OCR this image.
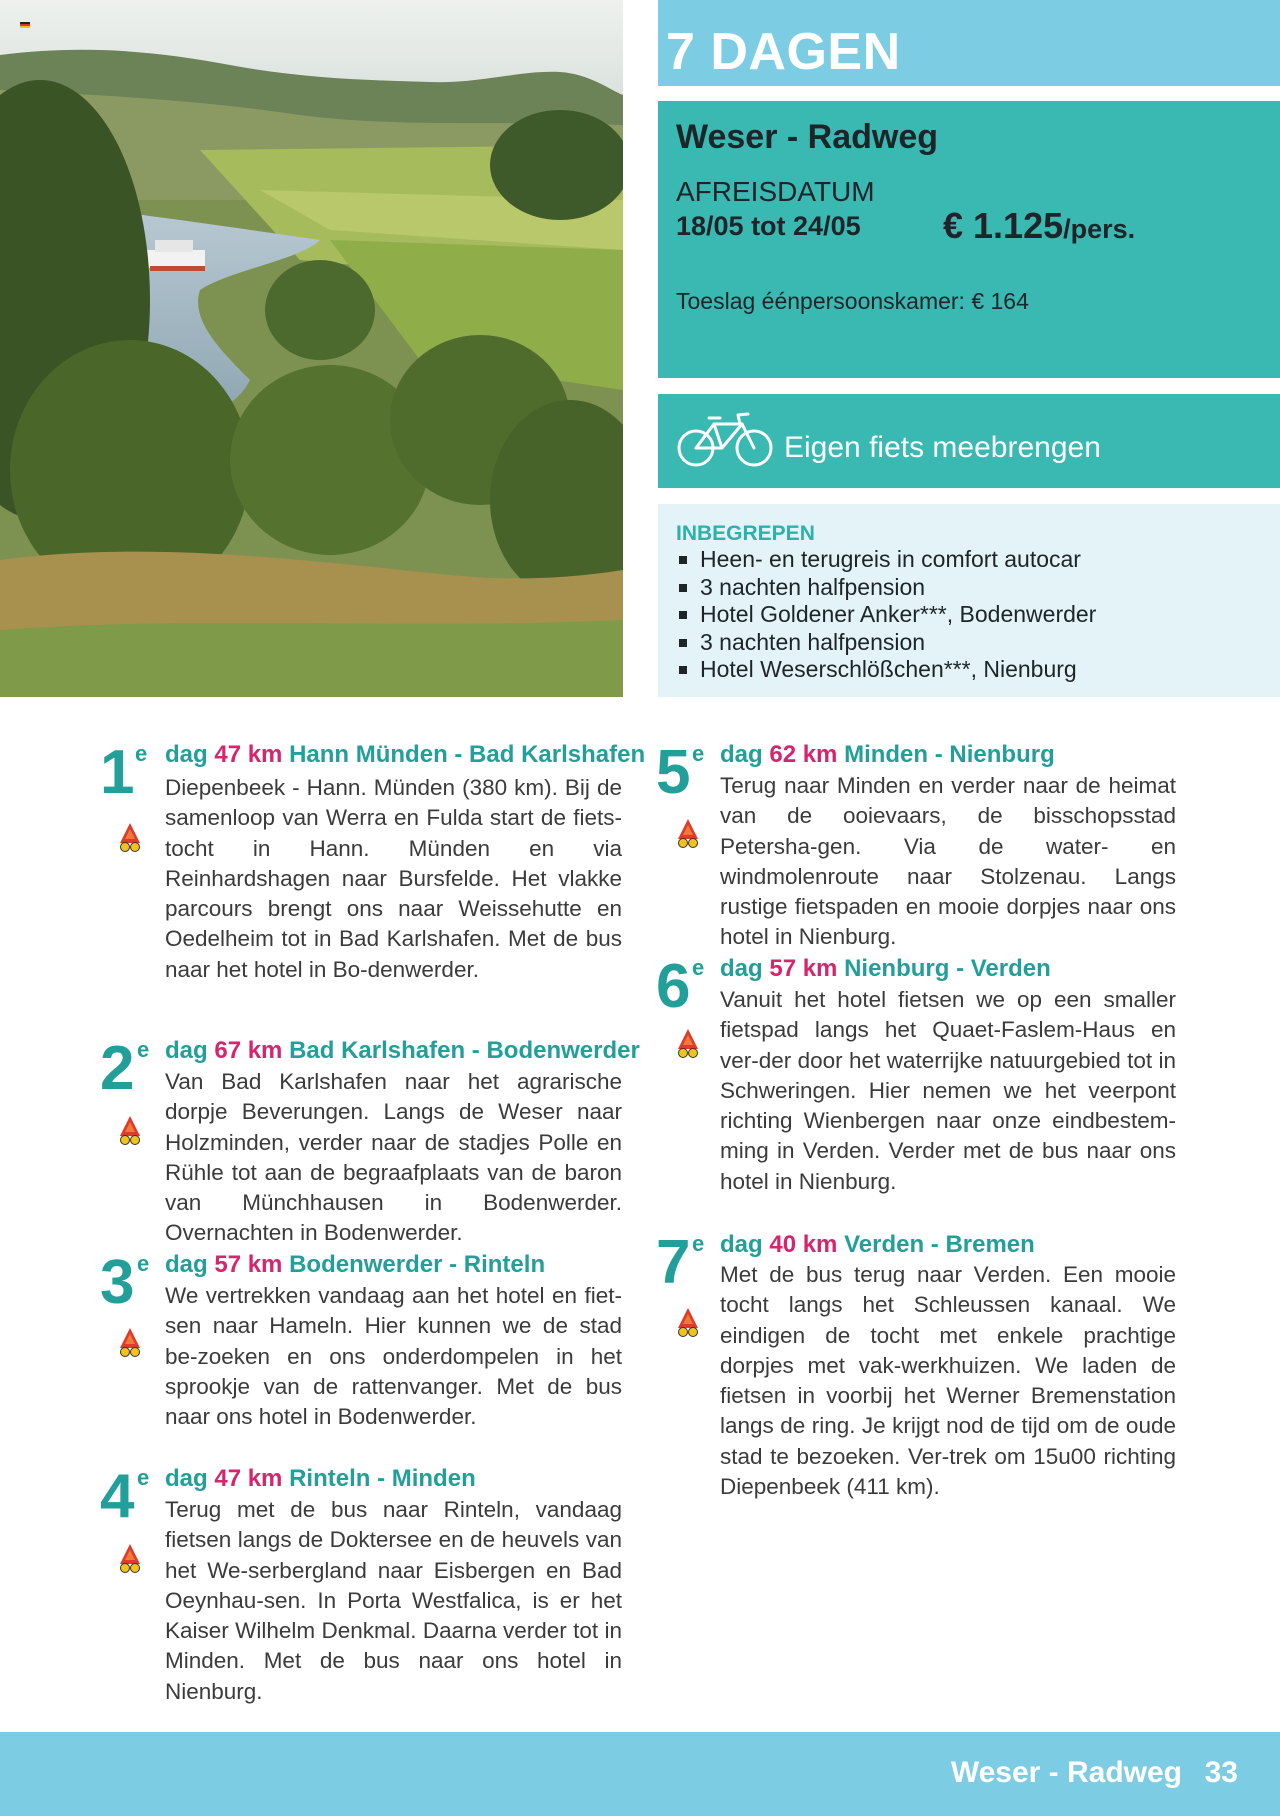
7 DAGEN
Weser - Radweg
AFREISDATUM
18/05 tot 24/05 € 1.125/pers.
Toeslag éénpersoonskamer: € 164
Eigen fiets meebrengen
INBEGREPEN
Heen- en terugreis in comfort autocar
3 nachten halfpension
Hotel Goldener Anker***, Bodenwerder
3 nachten halfpension
Hotel Weserschlößchen***, Nienburg
1 e dag 47 km Hann Münden - Bad Karlshafen
Diepenbeek - Hann. Münden (380 km). Bij de samenloop van Werra en Fulda start de fiets-tocht in Hann. Münden en via Reinhardshagen naar Bursfelde. Het vlakke parcours brengt ons naar Weissehutte en Oedelheim tot in Bad Karlshafen. Met de bus naar het hotel in Bo-denwerder.
2 e dag 67 km Bad Karlshafen - Bodenwerder
Van Bad Karlshafen naar het agrarische dorpje Beverungen. Langs de Weser naar Holzminden, verder naar de stadjes Polle en Rühle tot aan de begraafplaats van de baron van Münchhausen in Bodenwerder. Overnachten in Bodenwerder.
3 e dag 57 km Bodenwerder - Rinteln
We vertrekken vandaag aan het hotel en fiet-sen naar Hameln. Hier kunnen we de stad be-zoeken en ons onderdompelen in het sprookje van de rattenvanger. Met de bus naar ons hotel in Bodenwerder.
4 e dag 47 km Rinteln - Minden
Terug met de bus naar Rinteln, vandaag fietsen langs de Doktersee en de heuvels van het We-serbergland naar Eisbergen en Bad Oeynhau-sen. In Porta Westfalica, is er het Kaiser Wilhelm Denkmal. Daarna verder tot in Minden. Met de bus naar ons hotel in Nienburg.
5 e dag 62 km Minden - Nienburg
Terug naar Minden en verder naar de heimat van de ooievaars, de bisschopsstad Petersha-gen. Via de water- en windmolenroute naar Stolzenau. Langs rustige fietspaden en mooie dorpjes naar ons hotel in Nienburg.
6 e dag 57 km Nienburg - Verden
Vanuit het hotel fietsen we op een smaller fietspad langs het Quaet-Faslem-Haus en ver-der door het waterrijke natuurgebied tot in Schweringen. Hier nemen we het veerpont richting Wienbergen naar onze eindbestem-ming in Verden. Verder met de bus naar ons hotel in Nienburg.
7 e dag 40 km Verden - Bremen
Met de bus terug naar Verden. Een mooie tocht langs het Schleussen kanaal. We eindigen de tocht met enkele prachtige dorpjes met vak-werkhuizen. We laden de fietsen in voorbij het Werner Bremenstation langs de ring. Je krijgt nod de tijd om de oude stad te bezoeken. Ver-trek om 15u00 richting Diepenbeek (411 km).
Weser - Radweg 33
